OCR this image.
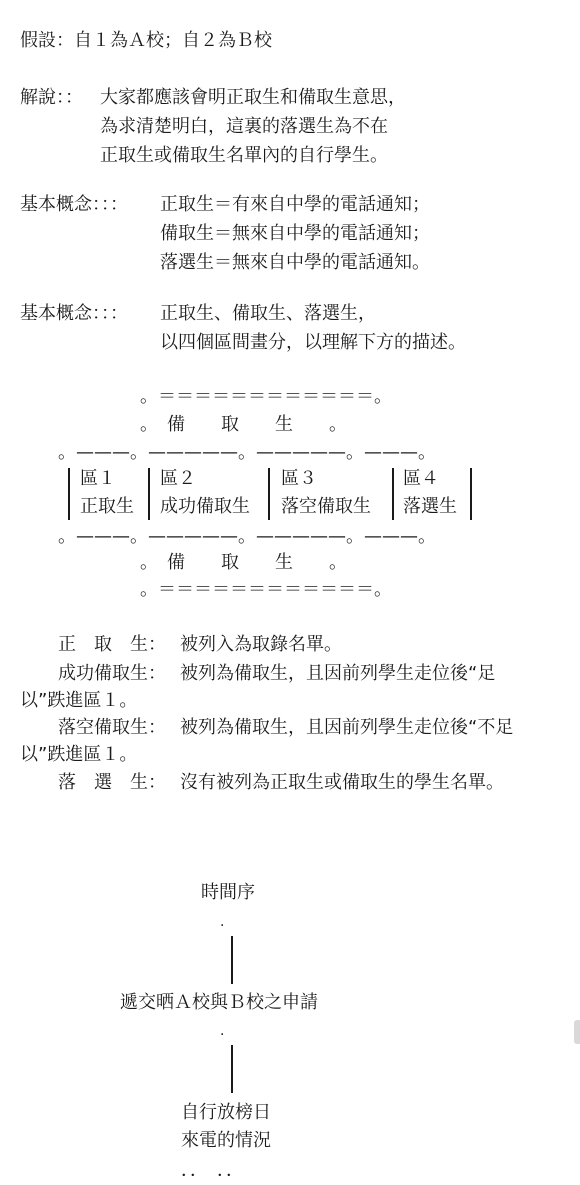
假設：自１為Ａ校；自２為Ｂ校
解說：： 大家都應該會明正取生和備取生意思，
為求清楚明白，這裏的落選生為不在
正取生或備取生名單內的自行學生。
基本概念：：： 正取生＝有來自中學的電話通知；
備取生＝無來自中學的電話通知；
落選生＝無來自中學的電話通知。
基本概念：：： 正取生、備取生、落選生，
以四個區間畫分，以理解下方的描述。
。＝＝＝＝＝＝＝＝＝＝＝＝。
。　備　　取　　生　　。
。———。—————。—————。———。
區１
正取生
區２
成功備取生
區３
落空備取生
區４
落選生
。———。—————。—————。———。
。　備　　取　　生　　。
。＝＝＝＝＝＝＝＝＝＝＝＝。
正　取　生： 被列入為取錄名單。
成功備取生： 被列為備取生，且因前列學生走位後“足
以”跌進區１。
落空備取生： 被列為備取生，且因前列學生走位後“不足
以”跌進區１。
落　選　生： 沒有被列為正取生或備取生的學生名單。
時間序
.
遞交晒Ａ校與Ｂ校之申請
.
自行放榜日
來電的情況
．．　．．
